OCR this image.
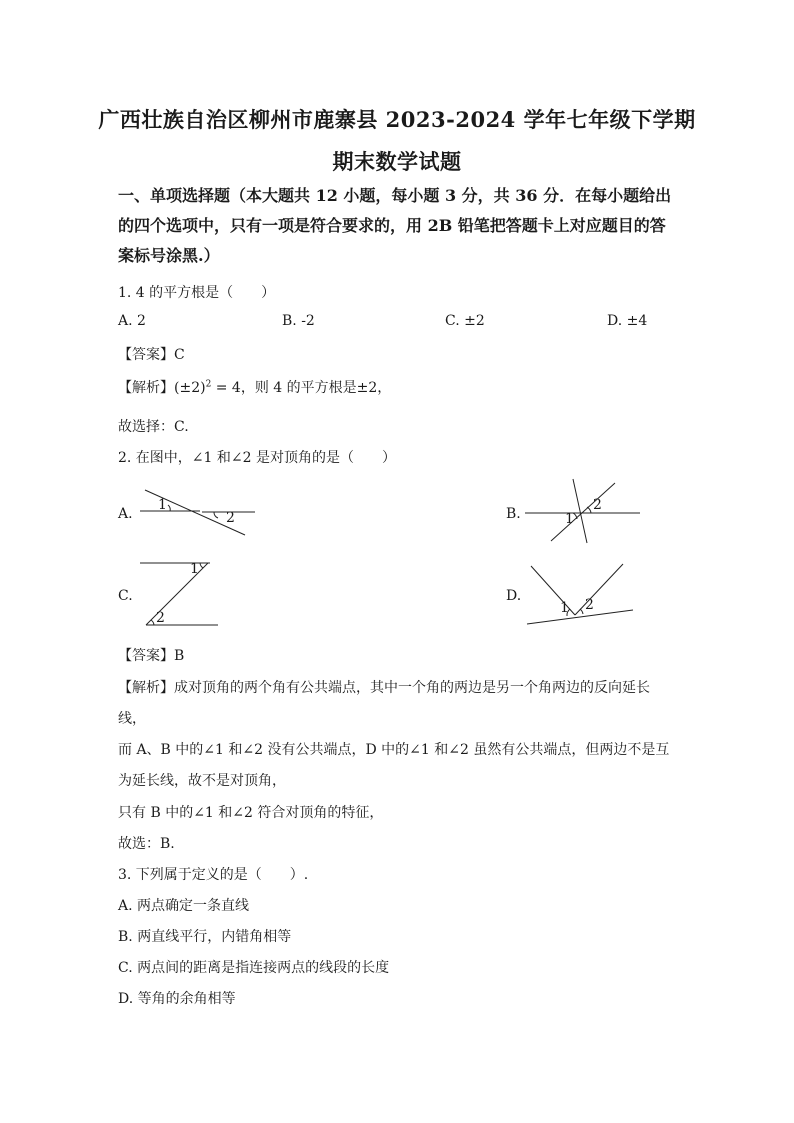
广西壮族自治区柳州市鹿寨县 2023-2024 学年七年级下学期
期末数学试题
一、单项选择题（本大题共 12 小题，每小题 3 分，共 36 分．在每小题给出的四个选项中，只有一项是符合要求的，用 2B 铅笔把答题卡上对应题目的答案标号涂黑.）
1. 4 的平方根是（　　）
A. 2	B. -2	C. ±2	D. ±4
【答案】C
【解析】$(\pm 2)^2 = 4$，则 4 的平方根是±2，
故选择：C.
2. 在图中，∠1 和∠2 是对顶角的是（　　）
A.	B.
C.	D.
1
2	1
2
1
2
1 2
【答案】B
【解析】成对顶角的两个角有公共端点，其中一个角的两边是另一个角两边的反向延长
线，
而 A、B 中的∠1 和∠2 没有公共端点，D 中的∠1 和∠2 虽然有公共端点，但两边不是互
为延长线，故不是对顶角，
只有 B 中的∠1 和∠2 符合对顶角的特征，
故选：B.
3. 下列属于定义的是（　　）.
A. 两点确定一条直线
B. 两直线平行，内错角相等
C. 两点间的距离是指连接两点的线段的长度
D. 等角的余角相等
